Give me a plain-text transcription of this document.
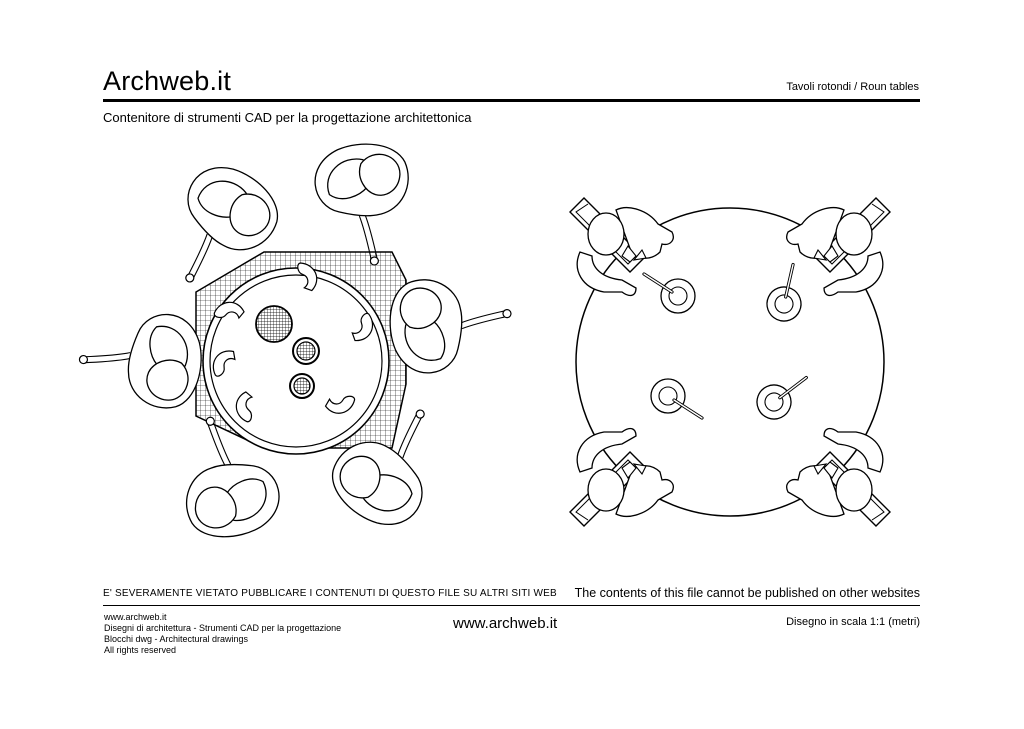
Archweb.it	Tavoli rotondi / Roun tables
Contenitore di strumenti CAD per la progettazione architettonica
E' SEVERAMENTE VIETATO PUBBLICARE I CONTENUTI DI QUESTO FILE SU ALTRI SITI WEB The contents of this file cannot be published on other websites
www.archweb.it
Disegni di architettura - Strumenti CAD per la progettazione
Blocchi dwg - Architectural drawings
All rights reserved
www.archweb.it	Disegno in scala 1:1 (metri)
